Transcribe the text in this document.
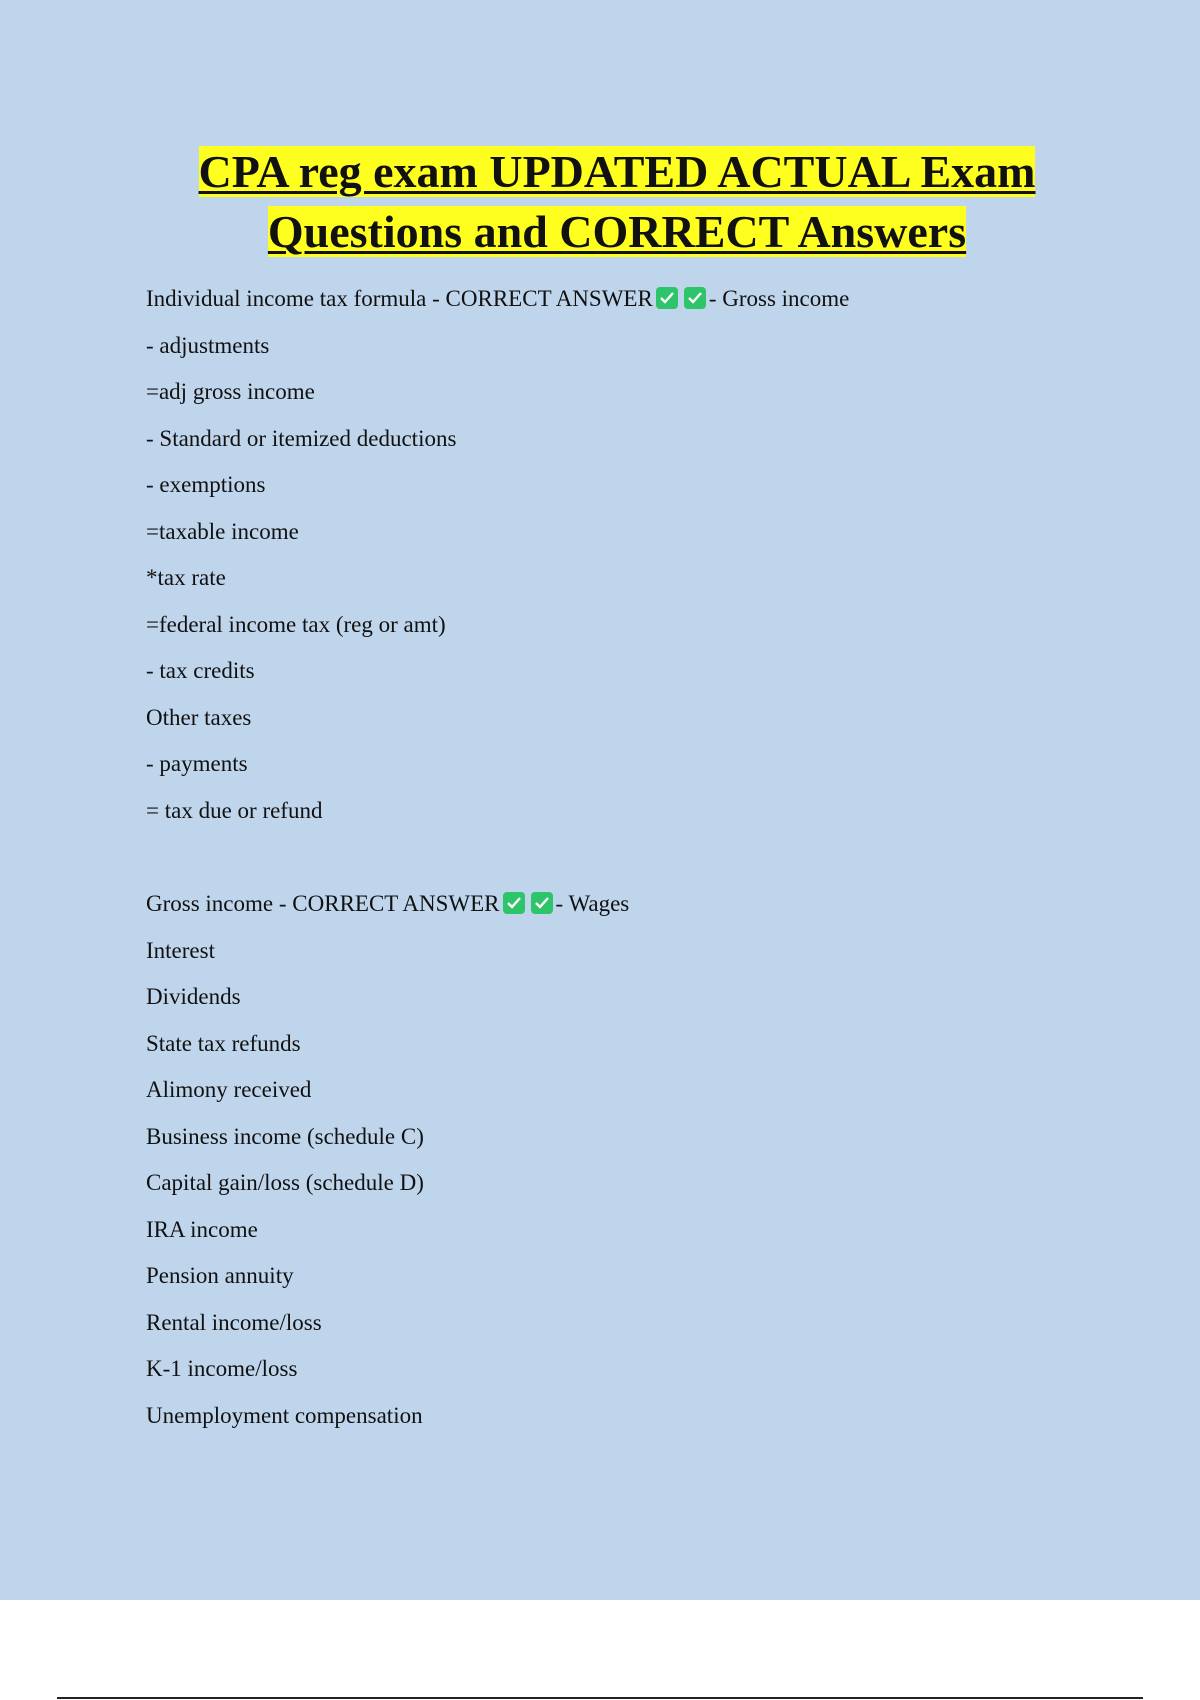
CPA reg exam UPDATED ACTUAL Exam
Questions and CORRECT Answers
Individual income tax formula - CORRECT ANSWER - Gross income
- adjustments
=adj gross income
- Standard or itemized deductions
- exemptions
=taxable income
*tax rate
=federal income tax (reg or amt)
- tax credits
Other taxes
- payments
= tax due or refund
Gross income - CORRECT ANSWER - Wages
Interest
Dividends
State tax refunds
Alimony received
Business income (schedule C)
Capital gain/loss (schedule D)
IRA income
Pension annuity
Rental income/loss
K-1 income/loss
Unemployment compensation
